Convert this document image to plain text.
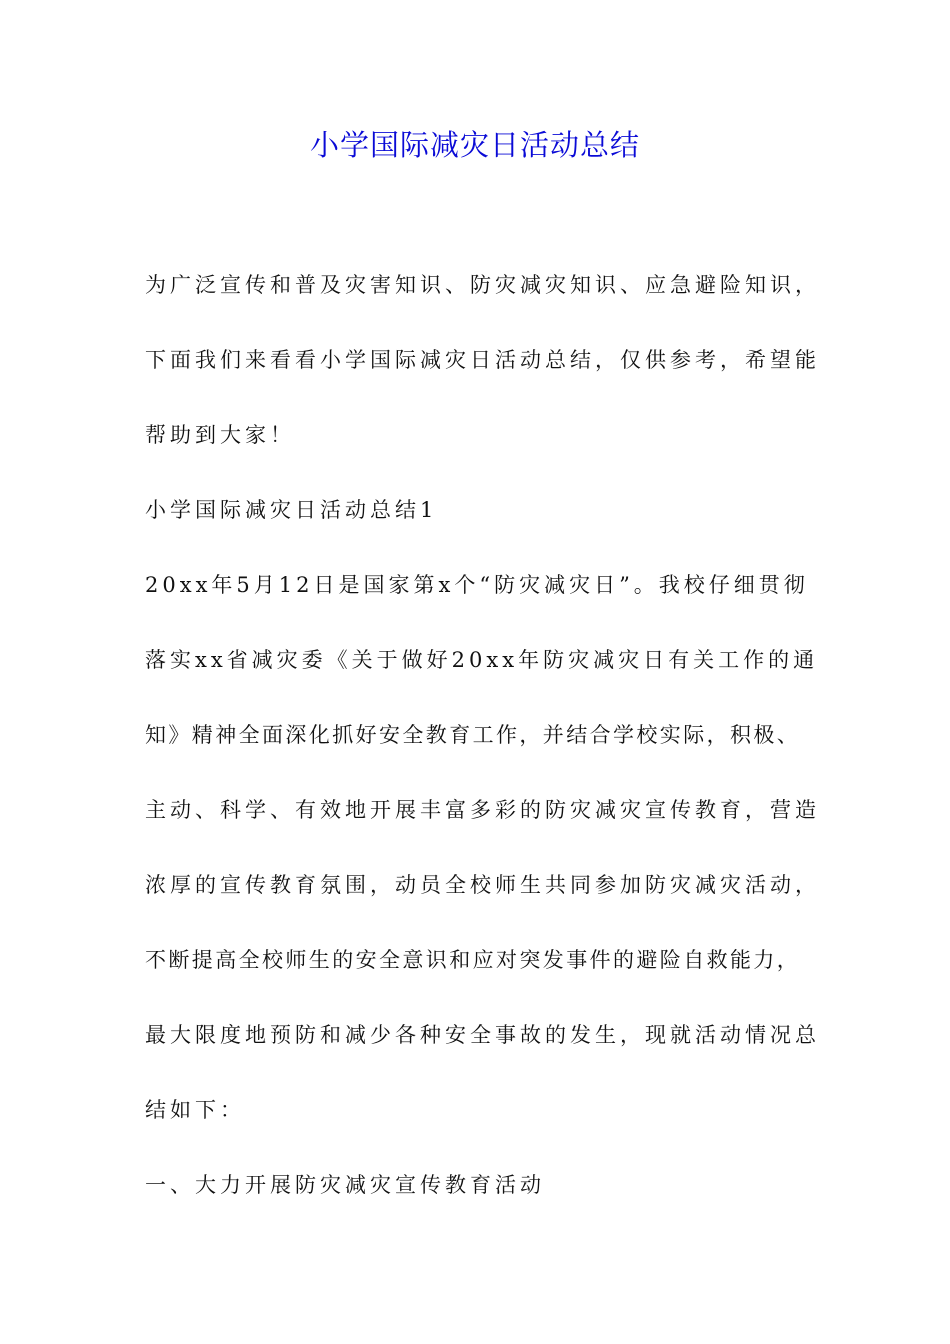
小学国际减灾日活动总结
为广泛宣传和普及灾害知识、防灾减灾知识、应急避险知识，
下面我们来看看小学国际减灾日活动总结，仅供参考，希望能
帮助到大家！
小学国际减灾日活动总结1
20xx年5月12日是国家第x个“防灾减灾日”。我校仔细贯彻
落实xx省减灾委《关于做好20xx年防灾减灾日有关工作的通
知》精神全面深化抓好安全教育工作，并结合学校实际，积极、
主动、科学、有效地开展丰富多彩的防灾减灾宣传教育，营造
浓厚的宣传教育氛围，动员全校师生共同参加防灾减灾活动，
不断提高全校师生的安全意识和应对突发事件的避险自救能力，
最大限度地预防和减少各种安全事故的发生，现就活动情况总
结如下：
一、大力开展防灾减灾宣传教育活动
